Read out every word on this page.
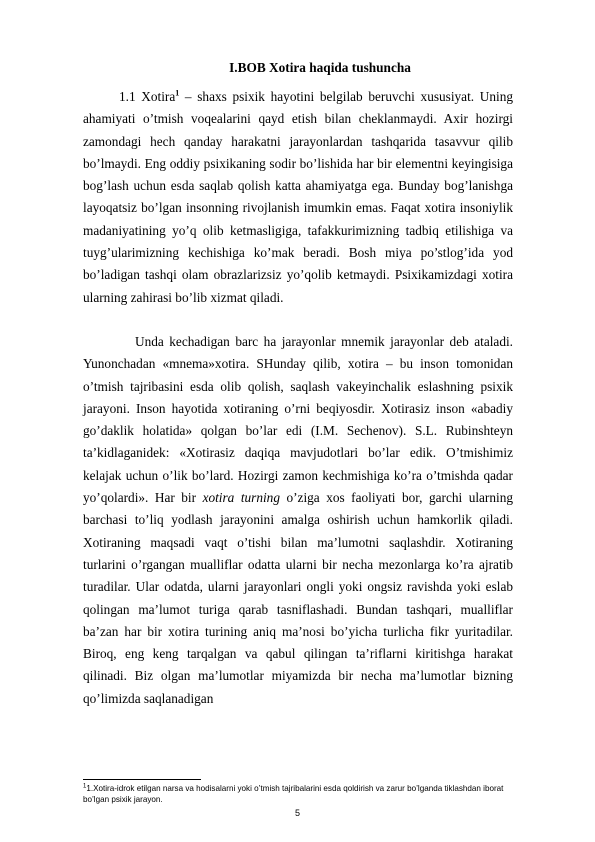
I.BOB Xotira haqida tushuncha

1.1 Xotira$^1$ – shaxs psixik hayotini belgilab beruvchi xususiyat. Uning ahamiyati o’tmish voqealarini qayd etish bilan cheklanmaydi. Axir hozirgi zamondagi hech qanday harakatni jarayonlardan tashqarida tasavvur qilib bo’lmaydi. Eng oddiy psixikaning sodir bo’lishida har bir elementni keyingisiga bog’lash uchun esda saqlab qolish katta ahamiyatga ega. Bunday bog’lanishga layoqatsiz bo’lgan insonning rivojlanish imumkin emas. Faqat xotira insoniylik madaniyatining yo’q olib ketmasligiga, tafakkurimizning tadbiq etilishiga va tuyg’ularimizning kechishiga ko’mak beradi. Bosh miya po’stlog’ida yod bo’ladigan tashqi olam obrazlarizsiz yo’qolib ketmaydi. Psixikamizdagi xotira ularning zahirasi bo’lib xizmat qiladi.

Unda kechadigan barc ha jarayonlar mnemik jarayonlar deb ataladi. Yunonchadan «mnema»xotira. SHunday qilib, xotira – bu inson tomonidan o’tmish tajribasini esda olib qolish, saqlash vakeyinchalik eslashning psixik jarayoni. Inson hayotida xotiraning o’rni beqiyosdir. Xotirasiz inson «abadiy go’daklik holatida» qolgan bo’lar edi (I.M. Sechenov). S.L. Rubinshteyn ta’kidlaganidek: «Xotirasiz daqiqa mavjudotlari bo’lar edik. O’tmishimiz kelajak uchun o’lik bo’lard. Hozirgi zamon kechmishiga ko’ra o’tmishda qadar yo’qolardi». Har bir xotira turning o’ziga xos faoliyati bor, garchi ularning barchasi to’liq yodlash jarayonini amalga oshirish uchun hamkorlik qiladi. Xotiraning maqsadi vaqt o’tishi bilan ma’lumotni saqlashdir. Xotiraning turlarini o’rgangan mualliflar odatta ularni bir necha mezonlarga ko’ra ajratib turadilar. Ular odatda, ularni jarayonlari ongli yoki ongsiz ravishda yoki eslab qolingan ma’lumot turiga qarab tasniflashadi. Bundan tashqari, mualliflar ba’zan har bir xotira turining aniq ma’nosi bo’yicha turlicha fikr yuritadilar. Biroq, eng keng tarqalgan va qabul qilingan ta’riflarni kiritishga harakat qilinadi. Biz olgan ma’lumotlar miyamizda bir necha ma’lumotlar bizning qo’limizda saqlanadigan

$^1$1.Xotira-idrok etilgan narsa va hodisalarni yoki o’tmish tajribalarini esda qoldirish va zarur bo’lganda tiklashdan iborat bo’lgan psixik jarayon.
5
